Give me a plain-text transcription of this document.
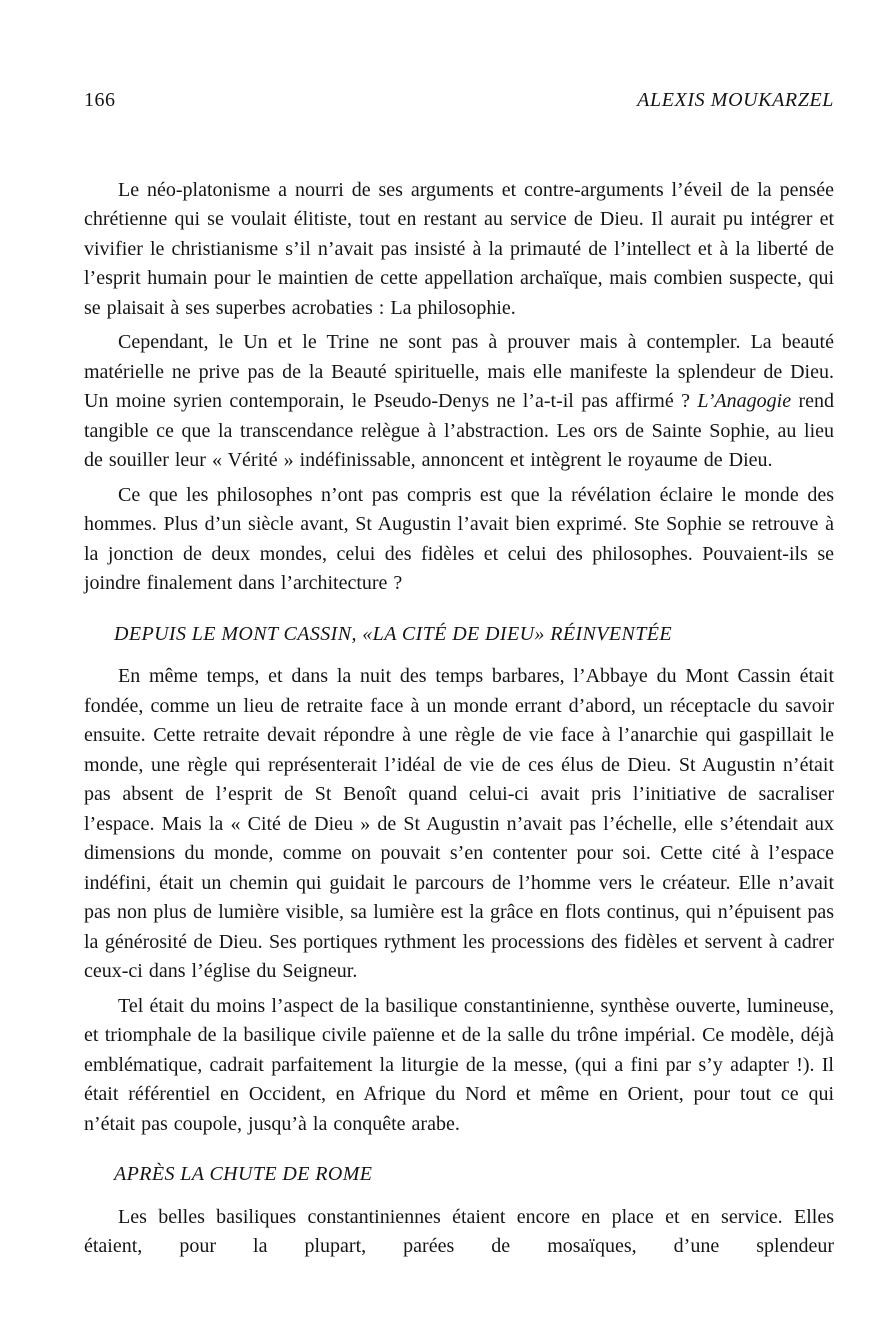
166	ALEXIS MOUKARZEL

Le néo-platonisme a nourri de ses arguments et contre-arguments l’éveil de la pensée chrétienne qui se voulait élitiste, tout en restant au service de Dieu. Il aurait pu intégrer et vivifier le christianisme s’il n’avait pas insisté à la primauté de l’intellect et à la liberté de l’esprit humain pour le maintien de cette appellation archaïque, mais combien suspecte, qui se plaisait à ses superbes acrobaties : La philosophie.

Cependant, le Un et le Trine ne sont pas à prouver mais à contempler. La beauté matérielle ne prive pas de la Beauté spirituelle, mais elle manifeste la splendeur de Dieu. Un moine syrien contemporain, le Pseudo-Denys ne l’a-t-il pas affirmé ? L’Anagogie rend tangible ce que la transcendance relègue à l’abstraction. Les ors de Sainte Sophie, au lieu de souiller leur « Vérité » indéfinissable, annoncent et intègrent le royaume de Dieu.

Ce que les philosophes n’ont pas compris est que la révélation éclaire le monde des hommes. Plus d’un siècle avant, St Augustin l’avait bien exprimé. Ste Sophie se retrouve à la jonction de deux mondes, celui des fidèles et celui des philosophes. Pouvaient-ils se joindre finalement dans l’architecture ?

DEPUIS LE MONT CASSIN, «LA CITÉ DE DIEU» RÉINVENTÉE

En même temps, et dans la nuit des temps barbares, l’Abbaye du Mont Cassin était fondée, comme un lieu de retraite face à un monde errant d’abord, un réceptacle du savoir ensuite. Cette retraite devait répondre à une règle de vie face à l’anarchie qui gaspillait le monde, une règle qui représenterait l’idéal de vie de ces élus de Dieu. St Augustin n’était pas absent de l’esprit de St Benoît quand celui-ci avait pris l’initiative de sacraliser l’espace. Mais la « Cité de Dieu » de St Augustin n’avait pas l’échelle, elle s’étendait aux dimensions du monde, comme on pouvait s’en contenter pour soi. Cette cité à l’espace indéfini, était un chemin qui guidait le parcours de l’homme vers le créateur. Elle n’avait pas non plus de lumière visible, sa lumière est la grâce en flots continus, qui n’épuisent pas la générosité de Dieu. Ses portiques rythment les processions des fidèles et servent à cadrer ceux-ci dans l’église du Seigneur.

Tel était du moins l’aspect de la basilique constantinienne, synthèse ouverte, lumineuse, et triomphale de la basilique civile païenne et de la salle du trône impérial. Ce modèle, déjà emblématique, cadrait parfaitement la liturgie de la messe, (qui a fini par s’y adapter !). Il était référentiel en Occident, en Afrique du Nord et même en Orient, pour tout ce qui n’était pas coupole, jusqu’à la conquête arabe.

APRÈS LA CHUTE DE ROME

Les belles basiliques constantiniennes étaient encore en place et en service. Elles étaient, pour la plupart, parées de mosaïques, d’une splendeur
